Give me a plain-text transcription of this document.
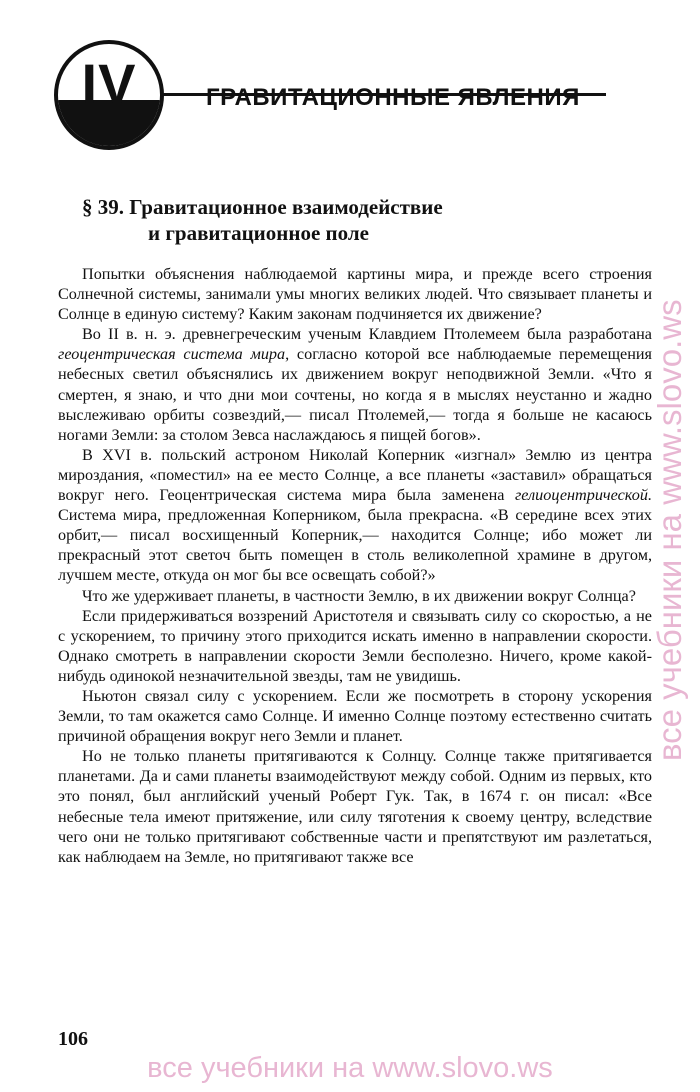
IV	ГРАВИТАЦИОННЫЕ ЯВЛЕНИЯ
§ 39. Гравитационное взаимодействие
и гравитационное поле

Попытки объяснения наблюдаемой картины мира, и прежде всего строения Солнечной системы, занимали умы многих великих людей. Что связывает планеты и Солнце в единую систему? Каким законам подчиняется их движение?

Во II в. н. э. древнегреческим ученым Клавдием Птолемеем была разработана геоцентрическая система мира, согласно которой все наблюдаемые перемещения небесных светил объяснялись их движением вокруг неподвижной Земли. «Что я смертен, я знаю, и что дни мои сочтены, но когда я в мыслях неустанно и жадно выслеживаю орбиты созвездий,— писал Птолемей,— тогда я больше не касаюсь ногами Земли: за столом Зевса наслаждаюсь я пищей богов».

В XVI в. польский астроном Николай Коперник «изгнал» Землю из центра мироздания, «поместил» на ее место Солнце, а все планеты «заставил» обращаться вокруг него. Геоцентрическая система мира была заменена гелиоцентрической. Система мира, предложенная Коперником, была прекрасна. «В середине всех этих орбит,— писал восхищенный Коперник,— находится Солнце; ибо может ли прекрасный этот светоч быть помещен в столь великолепной храмине в другом, лучшем месте, откуда он мог бы все освещать собой?»

Что же удерживает планеты, в частности Землю, в их движении вокруг Солнца?

Если придерживаться воззрений Аристотеля и связывать силу со скоростью, а не с ускорением, то причину этого приходится искать именно в направлении скорости. Однако смотреть в направлении скорости Земли бесполезно. Ничего, кроме какой-нибудь одинокой незначительной звезды, там не увидишь.

Ньютон связал силу с ускорением. Если же посмотреть в сторону ускорения Земли, то там окажется само Солнце. И именно Солнце поэтому естественно считать причиной обращения вокруг него Земли и планет.

Но не только планеты притягиваются к Солнцу. Солнце также притягивается планетами. Да и сами планеты взаимодействуют между собой. Одним из первых, кто это понял, был английский ученый Роберт Гук. Так, в 1674 г. он писал: «Все небесные тела имеют притяжение, или силу тяготения к своему центру, вследствие чего они не только притягивают собственные части и препятствуют им разлетаться, как наблюдаем на Земле, но притягивают также все

106
все учебники на www.slovo.ws
все учебники на www.slovo.ws
